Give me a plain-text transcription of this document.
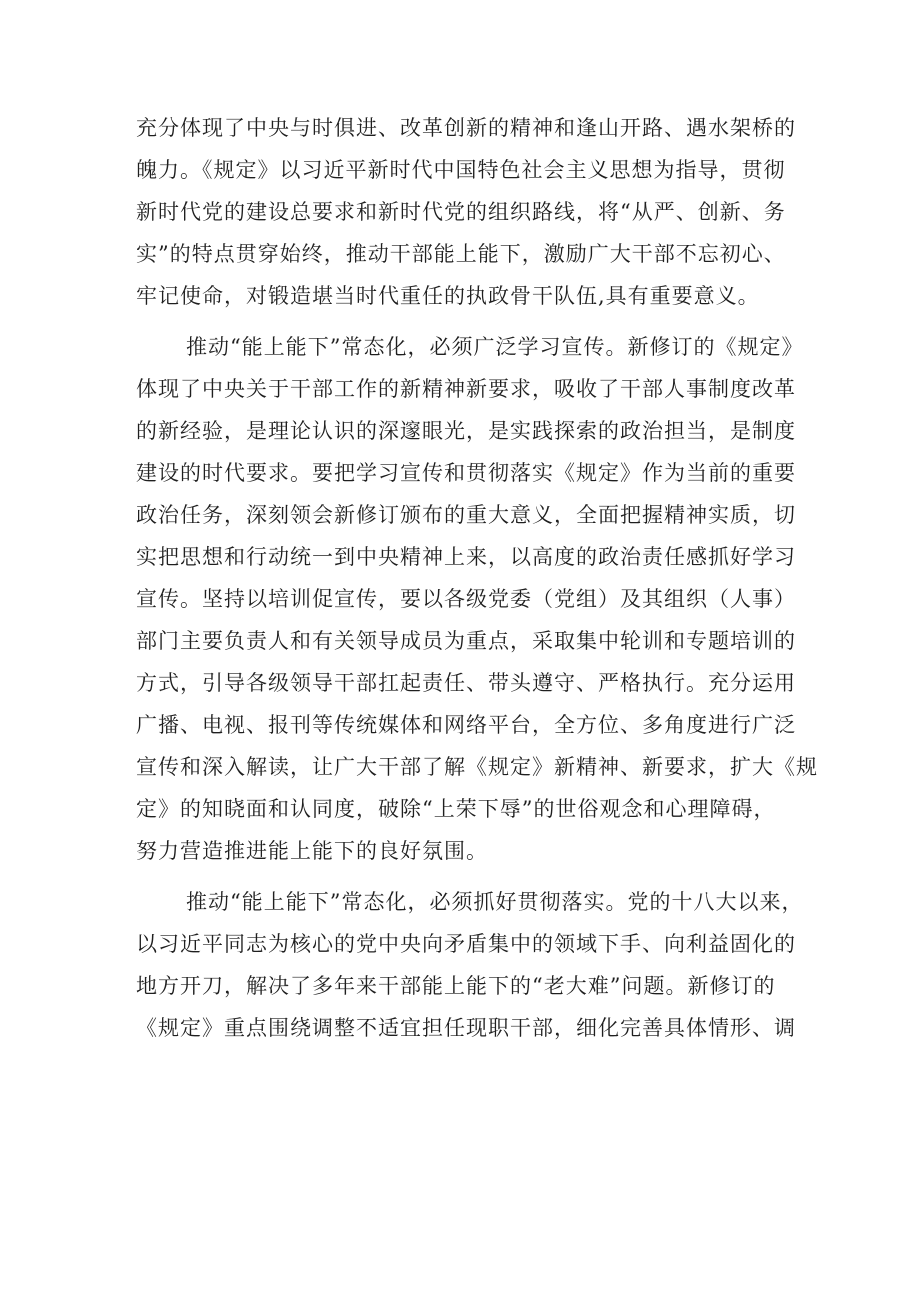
充分体现了中央与时俱进、改革创新的精神和逢山开路、遇水架桥的
魄力。《规定》以习近平新时代中国特色社会主义思想为指导，贯彻
新时代党的建设总要求和新时代党的组织路线，将“从严、创新、务
实”的特点贯穿始终，推动干部能上能下，激励广大干部不忘初心、
牢记使命，对锻造堪当时代重任的执政骨干队伍,具有重要意义。
推动“能上能下”常态化，必须广泛学习宣传。新修订的《规定》
体现了中央关于干部工作的新精神新要求，吸收了干部人事制度改革
的新经验，是理论认识的深邃眼光，是实践探索的政治担当，是制度
建设的时代要求。要把学习宣传和贯彻落实《规定》作为当前的重要
政治任务，深刻领会新修订颁布的重大意义，全面把握精神实质，切
实把思想和行动统一到中央精神上来，以高度的政治责任感抓好学习
宣传。坚持以培训促宣传，要以各级党委（党组）及其组织（人事）
部门主要负责人和有关领导成员为重点，采取集中轮训和专题培训的
方式，引导各级领导干部扛起责任、带头遵守、严格执行。充分运用
广播、电视、报刊等传统媒体和网络平台，全方位、多角度进行广泛
宣传和深入解读，让广大干部了解《规定》新精神、新要求，扩大《规
定》的知晓面和认同度，破除“上荣下辱”的世俗观念和心理障碍，
努力营造推进能上能下的良好氛围。
推动“能上能下”常态化，必须抓好贯彻落实。党的十八大以来，
以习近平同志为核心的党中央向矛盾集中的领域下手、向利益固化的
地方开刀，解决了多年来干部能上能下的“老大难”问题。新修订的
《规定》重点围绕调整不适宜担任现职干部，细化完善具体情形、调
